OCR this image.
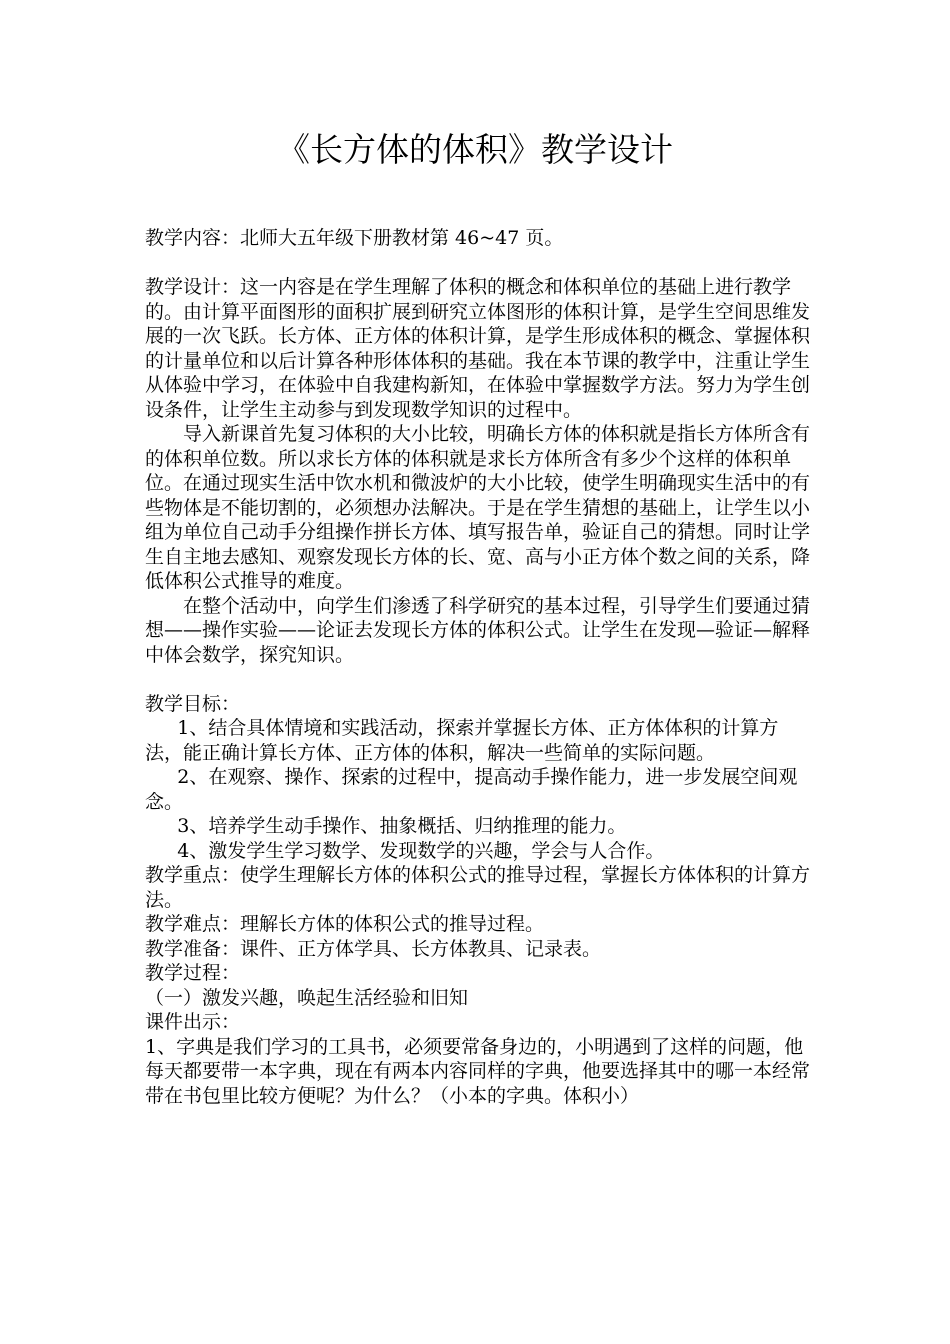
《长方体的体积》教学设计

教学内容：北师大五年级下册教材第 46~47 页。

教学设计：这一内容是在学生理解了体积的概念和体积单位的基础上进行教学的。由计算平面图形的面积扩展到研究立体图形的体积计算，是学生空间思维发展的一次飞跃。长方体、正方体的体积计算，是学生形成体积的概念、掌握体积的计量单位和以后计算各种形体体积的基础。我在本节课的教学中，注重让学生从体验中学习，在体验中自我建构新知，在体验中掌握数学方法。努力为学生创设条件，让学生主动参与到发现数学知识的过程中。

导入新课首先复习体积的大小比较，明确长方体的体积就是指长方体所含有的体积单位数。所以求长方体的体积就是求长方体所含有多少个这样的体积单位。在通过现实生活中饮水机和微波炉的大小比较，使学生明确现实生活中的有些物体是不能切割的，必须想办法解决。于是在学生猜想的基础上，让学生以小组为单位自己动手分组操作拼长方体、填写报告单，验证自己的猜想。同时让学生自主地去感知、观察发现长方体的长、宽、高与小正方体个数之间的关系，降低体积公式推导的难度。

在整个活动中，向学生们渗透了科学研究的基本过程，引导学生们要通过猜想——操作实验——论证去发现长方体的体积公式。让学生在发现—验证—解释中体会数学，探究知识。

教学目标：

1、结合具体情境和实践活动，探索并掌握长方体、正方体体积的计算方法，能正确计算长方体、正方体的体积，解决一些简单的实际问题。

2、在观察、操作、探索的过程中，提高动手操作能力，进一步发展空间观念。

3、培养学生动手操作、抽象概括、归纳推理的能力。

4、激发学生学习数学、发现数学的兴趣，学会与人合作。

教学重点：使学生理解长方体的体积公式的推导过程，掌握长方体体积的计算方法。

教学难点：理解长方体的体积公式的推导过程。

教学准备：课件、正方体学具、长方体教具、记录表。

教学过程：

（一）激发兴趣，唤起生活经验和旧知

课件出示：

1、字典是我们学习的工具书，必须要常备身边的，小明遇到了这样的问题，他每天都要带一本字典，现在有两本内容同样的字典，他要选择其中的哪一本经常带在书包里比较方便呢？为什么？（小本的字典。体积小）
